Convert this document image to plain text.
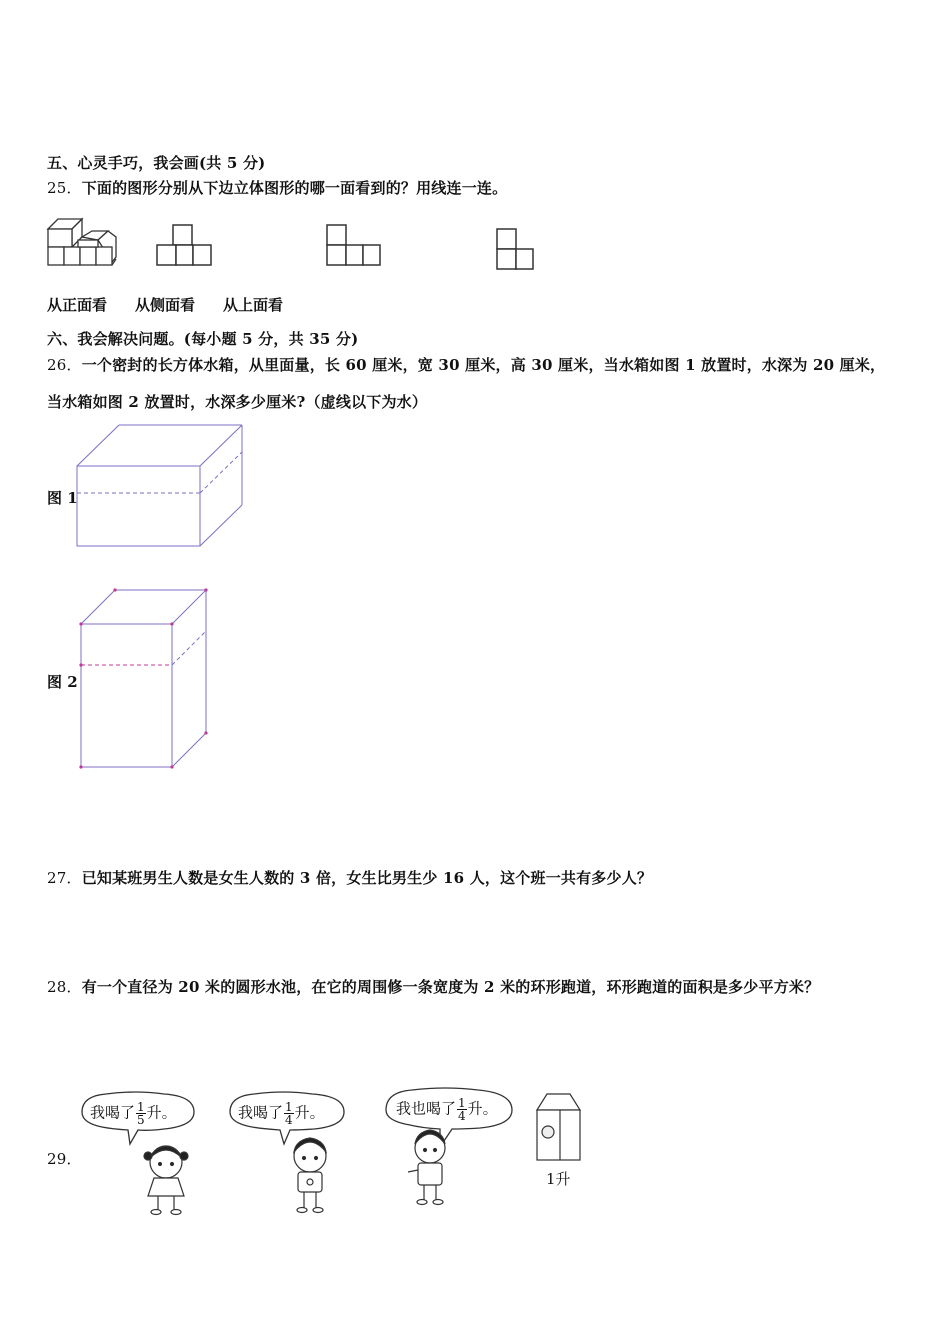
五、心灵手巧，我会画(共 5 分)
25．下面的图形分别从下边立体图形的哪一面看到的？用线连一连。
从正面看 从侧面看 从上面看
六、我会解决问题。(每小题 5 分，共 35 分)
26．一个密封的长方体水箱，从里面量，长 60 厘米，宽 30 厘米，高 30 厘米，当水箱如图 1 放置时，水深为 20 厘米，
当水箱如图 2 放置时，水深多少厘米?（虚线以下为水）
图 1
图 2
27．已知某班男生人数是女生人数的 3 倍，女生比男生少 16 人，这个班一共有多少人？
28．有一个直径为 20 米的圆形水池，在它的周围修一条宽度为 2 米的环形跑道，环形跑道的面积是多少平方米？
29．
我喝了 $\frac{1}{5}$ 升。	我喝了 $\frac{1}{4}$ 升。	我也喝了 $\frac{1}{4}$ 升。
1升
